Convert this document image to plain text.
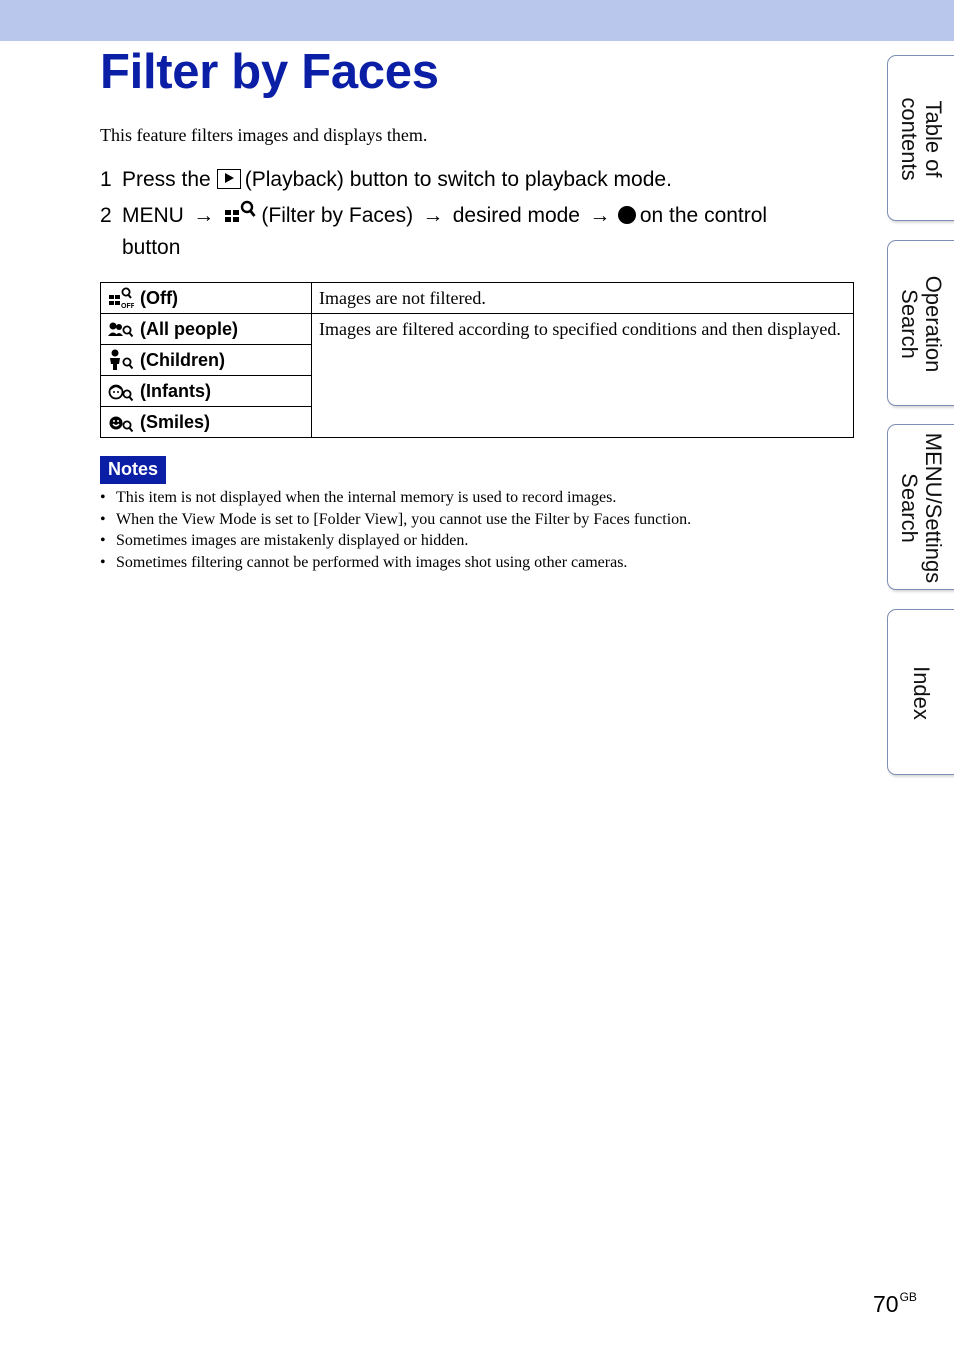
Filter by Faces
This feature filters images and displays them.
1 Press the (Playback) button to switch to playback mode.
2 MENU → (Filter by Faces) → desired mode → on the control
button
OFF (Off)	Images are not filtered.
(All people)	Images are filtered according to specified conditions and then displayed.
(Children)	
(Infants)	
(Smiles)	
Notes
• This item is not displayed when the internal memory is used to record images.
• When the View Mode is set to [Folder View], you cannot use the Filter by Faces function.
• Sometimes images are mistakenly displayed or hidden.
• Sometimes filtering cannot be performed with images shot using other cameras.
Table of
contents
Operation
Search
MENU/Settings
Search
Index
$70^{GB}$
